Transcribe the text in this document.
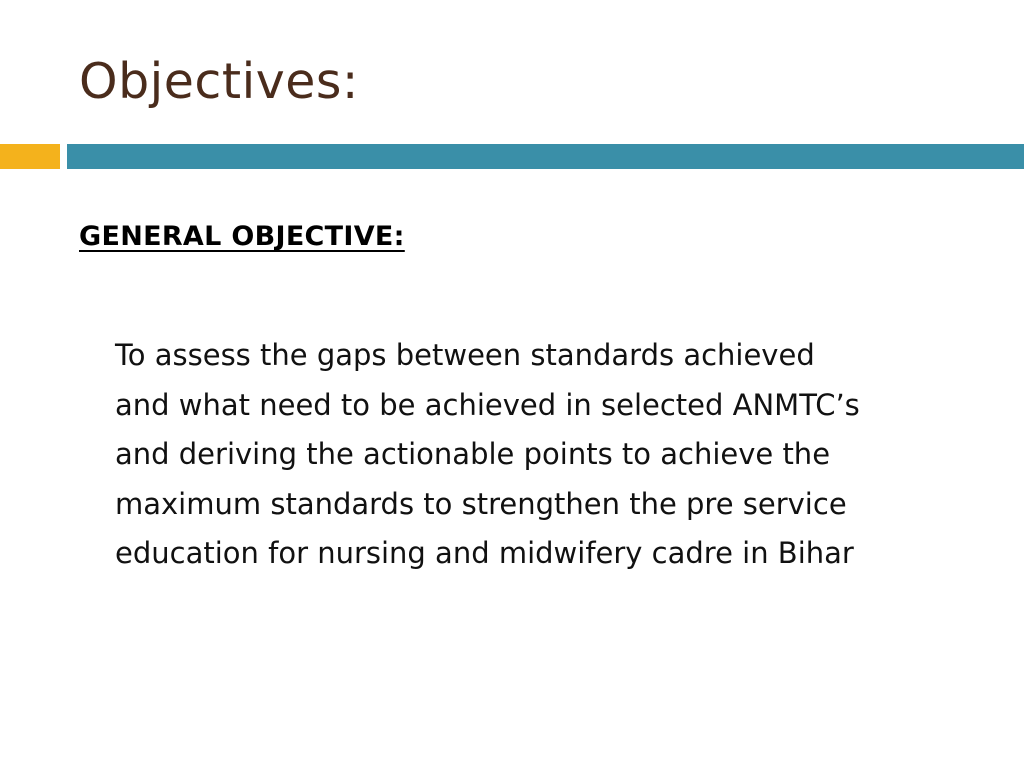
Objectives:
GENERAL OBJECTIVE:

To assess the gaps between standards achieved
and what need to be achieved in selected ANMTC’s
and deriving the actionable points to achieve the
maximum standards to strengthen the pre service
education for nursing and midwifery cadre in Bihar
